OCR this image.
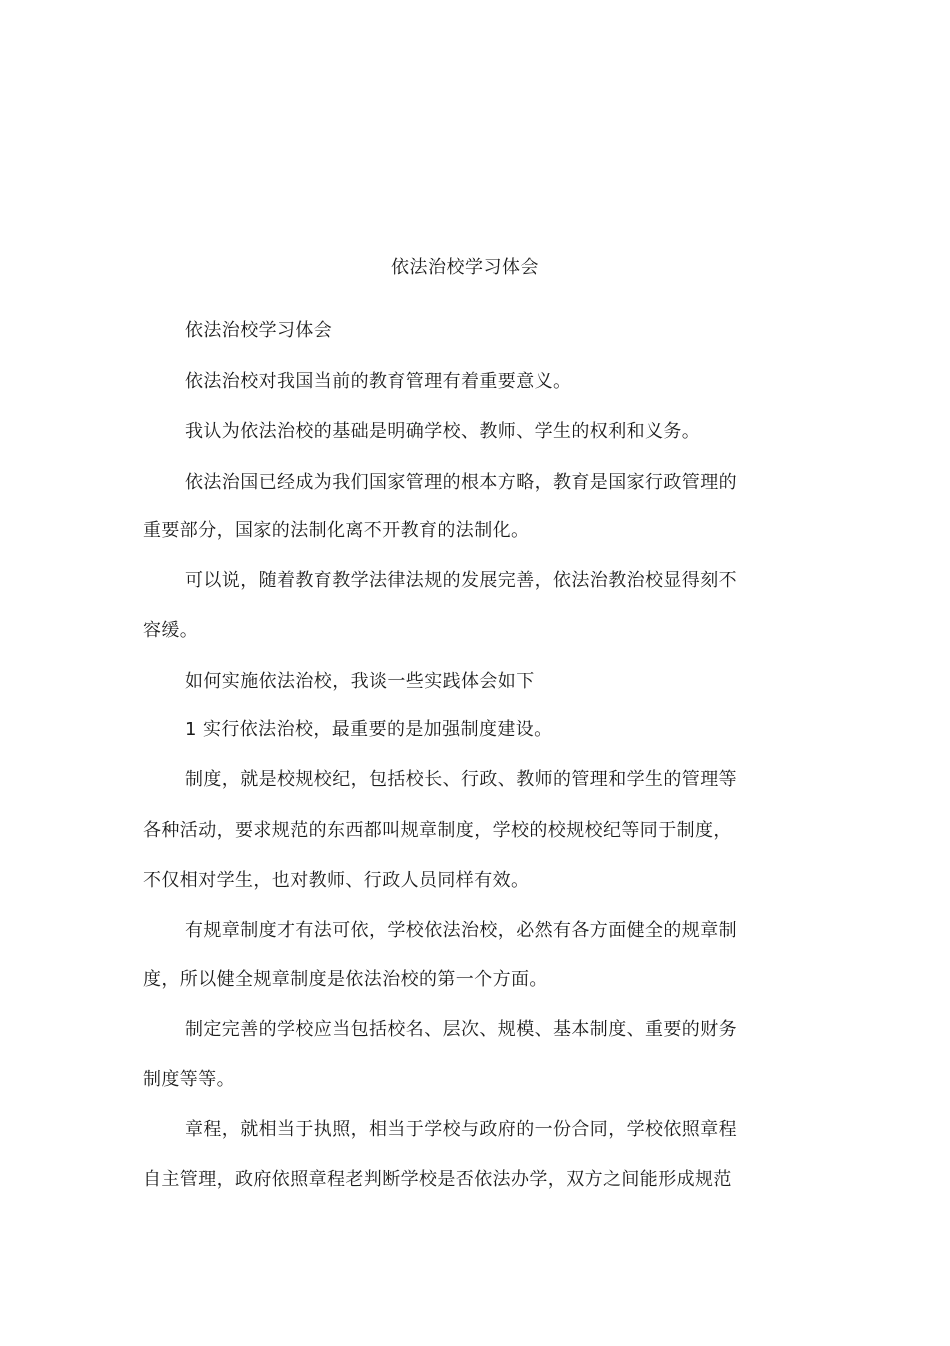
依法治校学习体会
依法治校学习体会
依法治校对我国当前的教育管理有着重要意义。
我认为依法治校的基础是明确学校、教师、学生的权利和义务。
依法治国已经成为我们国家管理的根本方略，教育是国家行政管理的
重要部分，国家的法制化离不开教育的法制化。
可以说，随着教育教学法律法规的发展完善，依法治教治校显得刻不
容缓。
如何实施依法治校，我谈一些实践体会如下
1 实行依法治校，最重要的是加强制度建设。
制度，就是校规校纪，包括校长、行政、教师的管理和学生的管理等
各种活动，要求规范的东西都叫规章制度，学校的校规校纪等同于制度，
不仅相对学生，也对教师、行政人员同样有效。
有规章制度才有法可依，学校依法治校，必然有各方面健全的规章制
度，所以健全规章制度是依法治校的第一个方面。
制定完善的学校应当包括校名、层次、规模、基本制度、重要的财务
制度等等。
章程，就相当于执照，相当于学校与政府的一份合同，学校依照章程
自主管理，政府依照章程老判断学校是否依法办学，双方之间能形成规范
